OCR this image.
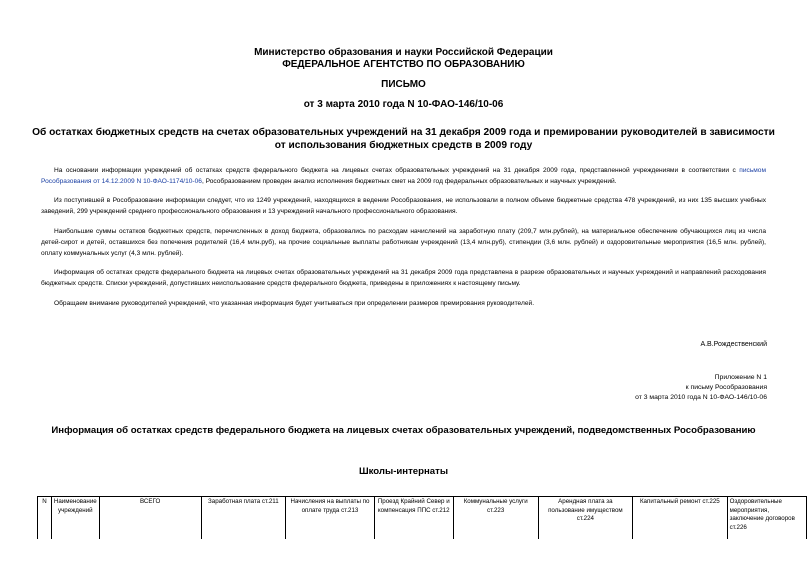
Министерство образования и науки Российской Федерации
ФЕДЕРАЛЬНОЕ АГЕНТСТВО ПО ОБРАЗОВАНИЮ
ПИСЬМО
от 3 марта 2010 года N 10-ФАО-146/10-06
Об остатках бюджетных средств на счетах образовательных учреждений на 31 декабря 2009 года и премировании руководителей в зависимости от использования бюджетных средств в 2009 году

На основании информации учреждений об остатках средств федерального бюджета на лицевых счетах образовательных учреждений на 31 декабря 2009 года, представленной учреждениями в соответствии с письмом Рособразования от 14.12.2009 N 10-ФАО-1174/10-06, Рособразованием проведен анализ исполнения бюджетных смет на 2009 год федеральных образовательных и научных учреждений.

Из поступившей в Рособразование информации следует, что из 1249 учреждений, находящихся в ведении Рособразования, не использовали в полном объеме бюджетные средства 478 учреждений, из них 135 высших учебных заведений, 299 учреждений среднего профессионального образования и 13 учреждений начального профессионального образования.

Наибольшие суммы остатков бюджетных средств, перечисленных в доход бюджета, образовались по расходам начислений на заработную плату (209,7 млн.рублей), на материальное обеспечение обучающихся лиц из числа детей-сирот и детей, оставшихся без попечения родителей (16,4 млн.руб), на прочие социальные выплаты работникам учреждений (13,4 млн.руб), стипендии (3,6 млн. рублей) и оздоровительные мероприятия (16,5 млн. рублей), оплату коммунальных услуг (4,3 млн. рублей).

Информация об остатках средств федерального бюджета на лицевых счетах образовательных учреждений на 31 декабря 2009 года представлена в разрезе образовательных и научных учреждений и направлений расходования бюджетных средств. Списки учреждений, допустивших неиспользование средств федерального бюджета, приведены в приложениях к настоящему письму.

Обращаем внимание руководителей учреждений, что указанная информация будет учитываться при определении размеров премирования руководителей.

А.В.Рождественский
Приложение N 1
к письму Рособразования
от 3 марта 2010 года N 10-ФАО-146/10-06
Информация об остатках средств федерального бюджета на лицевых счетах образовательных учреждений, подведомственных Рособразованию
Школы-интернаты
N	Наименование учреждений	ВСЕГО	Заработная плата ст.211	Начисления на выплаты по оплате труда ст.213	Проезд Крайний Север и компенсация ППС ст.212	Коммунальные услуги ст.223	Арендная плата за пользование имуществом ст.224	Капитальный ремонт ст.225	Оздоровительные мероприятия, заключение договоров ст.226
